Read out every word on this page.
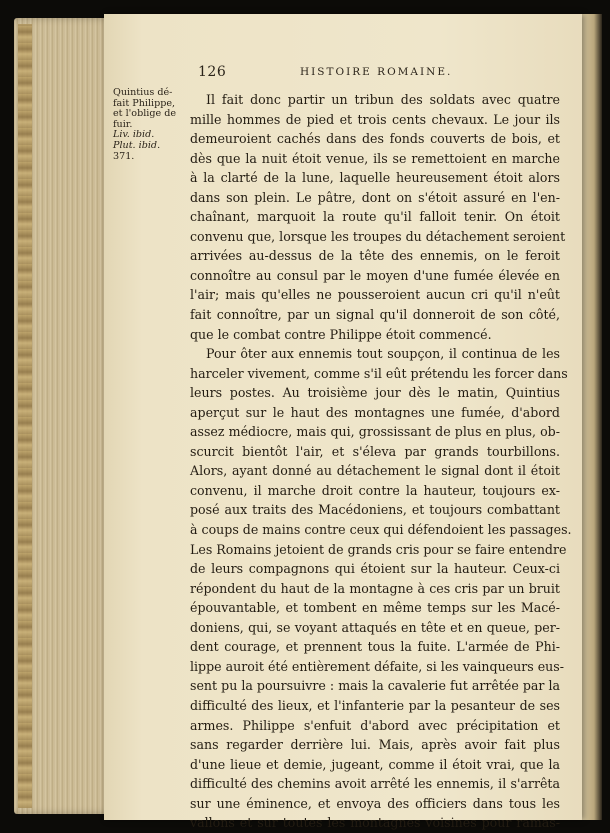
126	HISTOIRE ROMAINE.
Quintius dé-
fait Philippe,
et l'oblige de
fuir.
Liv. ibid.
Plut. ibid.
371.
Il fait donc partir un tribun des soldats avec quatre
mille hommes de pied et trois cents chevaux. Le jour ils
demeuroient cachés dans des fonds couverts de bois, et
dès que la nuit étoit venue, ils se remettoient en marche
à la clarté de la lune, laquelle heureusement étoit alors
dans son plein. Le pâtre, dont on s'étoit assuré en l'en-
chaînant, marquoit la route qu'il falloit tenir. On étoit
convenu que, lorsque les troupes du détachement seroient
arrivées au-dessus de la tête des ennemis, on le feroit
connoître au consul par le moyen d'une fumée élevée en
l'air; mais qu'elles ne pousseroient aucun cri qu'il n'eût
fait connoître, par un signal qu'il donneroit de son côté,
que le combat contre Philippe étoit commencé.
Pour ôter aux ennemis tout soupçon, il continua de les
harceler vivement, comme s'il eût prétendu les forcer dans
leurs postes. Au troisième jour dès le matin, Quintius
aperçut sur le haut des montagnes une fumée, d'abord
assez médiocre, mais qui, grossissant de plus en plus, ob-
scurcit bientôt l'air, et s'éleva par grands tourbillons.
Alors, ayant donné au détachement le signal dont il étoit
convenu, il marche droit contre la hauteur, toujours ex-
posé aux traits des Macédoniens, et toujours combattant
à coups de mains contre ceux qui défendoient les passages.
Les Romains jetoient de grands cris pour se faire entendre
de leurs compagnons qui étoient sur la hauteur. Ceux-ci
répondent du haut de la montagne à ces cris par un bruit
épouvantable, et tombent en même temps sur les Macé-
doniens, qui, se voyant attaqués en tête et en queue, per-
dent courage, et prennent tous la fuite. L'armée de Phi-
lippe auroit été entièrement défaite, si les vainqueurs eus-
sent pu la poursuivre : mais la cavalerie fut arrêtée par la
difficulté des lieux, et l'infanterie par la pesanteur de ses
armes. Philippe s'enfuit d'abord avec précipitation et
sans regarder derrière lui. Mais, après avoir fait plus
d'une lieue et demie, jugeant, comme il étoit vrai, que la
difficulté des chemins avoit arrêté les ennemis, il s'arrêta
sur une éminence, et envoya des officiers dans tous les
vallons et sur toutes les montagnes voisines pour ramas-
